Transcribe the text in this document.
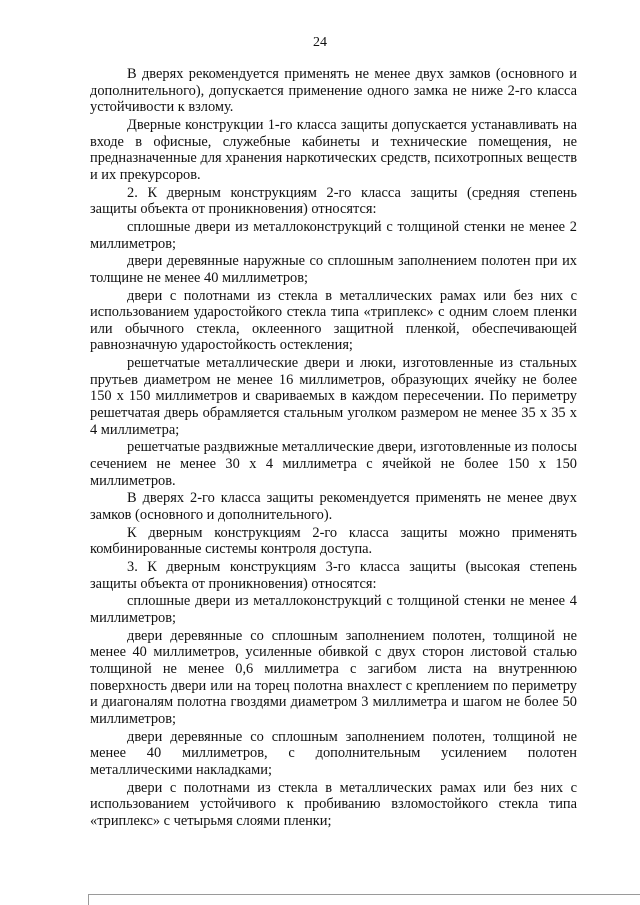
24

В дверях рекомендуется применять не менее двух замков (основного и дополнительного), допускается применение одного замка не ниже 2-го класса устойчивости к взлому.

Дверные конструкции 1-го класса защиты допускается устанавливать на входе в офисные, служебные кабинеты и технические помещения, не предназначенные для хранения наркотических средств, психотропных веществ и их прекурсоров.

2. К дверным конструкциям 2-го класса защиты (средняя степень защиты объекта от проникновения) относятся:

сплошные двери из металлоконструкций с толщиной стенки не менее 2 миллиметров;

двери деревянные наружные со сплошным заполнением полотен при их толщине не менее 40 миллиметров;

двери с полотнами из стекла в металлических рамах или без них с использованием ударостойкого стекла типа «триплекс» с одним слоем пленки или обычного стекла, оклеенного защитной пленкой, обеспечивающей равнозначную ударостойкость остекления;

решетчатые металлические двери и люки, изготовленные из стальных прутьев диаметром не менее 16 миллиметров, образующих ячейку не более 150 x 150 миллиметров и свариваемых в каждом пересечении. По периметру решетчатая дверь обрамляется стальным уголком размером не менее 35 x 35 x 4 миллиметра;

решетчатые раздвижные металлические двери, изготовленные из полосы сечением не менее 30 x 4 миллиметра с ячейкой не более 150 x 150 миллиметров.

В дверях 2-го класса защиты рекомендуется применять не менее двух замков (основного и дополнительного).

К дверным конструкциям 2-го класса защиты можно применять комбинированные системы контроля доступа.

3. К дверным конструкциям 3-го класса защиты (высокая степень защиты объекта от проникновения) относятся:

сплошные двери из металлоконструкций с толщиной стенки не менее 4 миллиметров;

двери деревянные со сплошным заполнением полотен, толщиной не менее 40 миллиметров, усиленные обивкой с двух сторон листовой сталью толщиной не менее 0,6 миллиметра с загибом листа на внутреннюю поверхность двери или на торец полотна внахлест с креплением по периметру и диагоналям полотна гвоздями диаметром 3 миллиметра и шагом не более 50 миллиметров;

двери деревянные со сплошным заполнением полотен, толщиной не менее 40 миллиметров, с дополнительным усилением полотен металлическими накладками;

двери с полотнами из стекла в металлических рамах или без них с использованием устойчивого к пробиванию взломостойкого стекла типа «триплекс» с четырьмя слоями пленки;
